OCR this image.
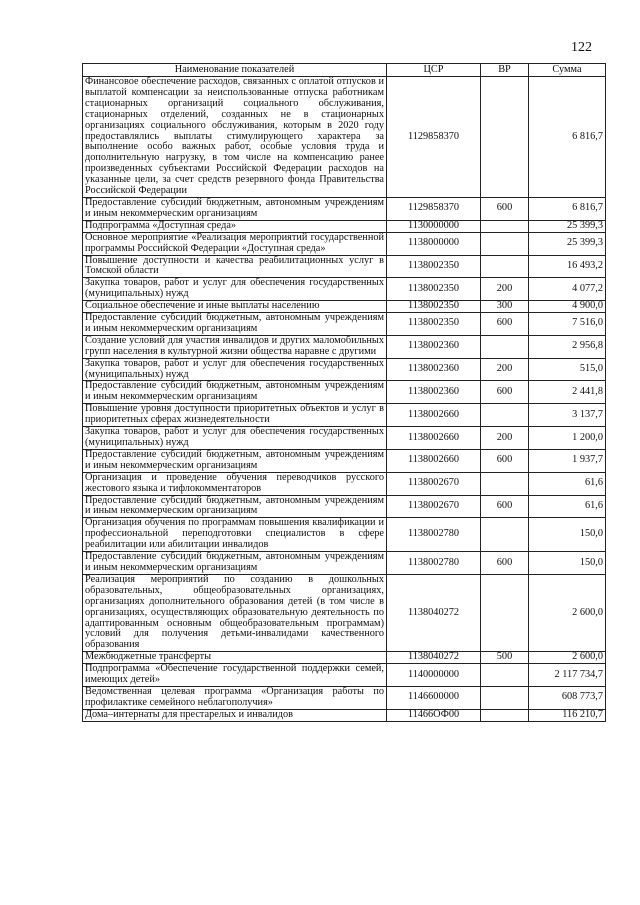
122
Наименование показателей	ЦСР	ВР	Сумма
Финансовое обеспечение расходов, связанных с оплатой отпусков и выплатой компенсации за неиспользованные отпуска работникам стационарных организаций социального обслуживания, стационарных отделений, созданных не в стационарных организациях социального обслуживания, которым в 2020 году предоставлялись выплаты стимулирующего характера за выполнение особо важных работ, особые условия труда и дополнительную нагрузку, в том числе на компенсацию ранее произведенных субъектами Российской Федерации расходов на указанные цели, за счет средств резервного фонда Правительства Российской Федерации	1129858370		6 816,7
Предоставление субсидий бюджетным, автономным учреждениям и иным некоммерческим организациям	1129858370	600	6 816,7
Подпрограмма «Доступная среда»	1130000000		25 399,3
Основное мероприятие «Реализация мероприятий государственной программы Российской Федерации «Доступная среда»	1138000000		25 399,3
Повышение доступности и качества реабилитационных услуг в Томской области	1138002350		16 493,2
Закупка товаров, работ и услуг для обеспечения государственных (муниципальных) нужд	1138002350	200	4 077,2
Социальное обеспечение и иные выплаты населению	1138002350	300	4 900,0
Предоставление субсидий бюджетным, автономным учреждениям и иным некоммерческим организациям	1138002350	600	7 516,0
Создание условий для участия инвалидов и других маломобильных групп населения в культурной жизни общества наравне с другими	1138002360		2 956,8
Закупка товаров, работ и услуг для обеспечения государственных (муниципальных) нужд	1138002360	200	515,0
Предоставление субсидий бюджетным, автономным учреждениям и иным некоммерческим организациям	1138002360	600	2 441,8
Повышение уровня доступности приоритетных объектов и услуг в приоритетных сферах жизнедеятельности	1138002660		3 137,7
Закупка товаров, работ и услуг для обеспечения государственных (муниципальных) нужд	1138002660	200	1 200,0
Предоставление субсидий бюджетным, автономным учреждениям и иным некоммерческим организациям	1138002660	600	1 937,7
Организация и проведение обучения переводчиков русского жестового языка и тифлокомментаторов	1138002670		61,6
Предоставление субсидий бюджетным, автономным учреждениям и иным некоммерческим организациям	1138002670	600	61,6
Организация обучения по программам повышения квалификации и профессиональной переподготовки специалистов в сфере реабилитации или абилитации инвалидов	1138002780		150,0
Предоставление субсидий бюджетным, автономным учреждениям и иным некоммерческим организациям	1138002780	600	150,0
Реализация мероприятий по созданию в дошкольных образовательных, общеобразовательных организациях, организациях дополнительного образования детей (в том числе в организациях, осуществляющих образовательную деятельность по адаптированным основным общеобразовательным программам) условий для получения детьми-инвалидами качественного образования	1138040272		2 600,0
Межбюджетные трансферты	1138040272	500	2 600,0
Подпрограмма «Обеспечение государственной поддержки семей, имеющих детей»	1140000000		2 117 734,7
Ведомственная целевая программа «Организация работы по профилактике семейного неблагополучия»	1146600000		608 773,7
Дома–интернаты для престарелых и инвалидов	11466ОФ00		116 210,7
